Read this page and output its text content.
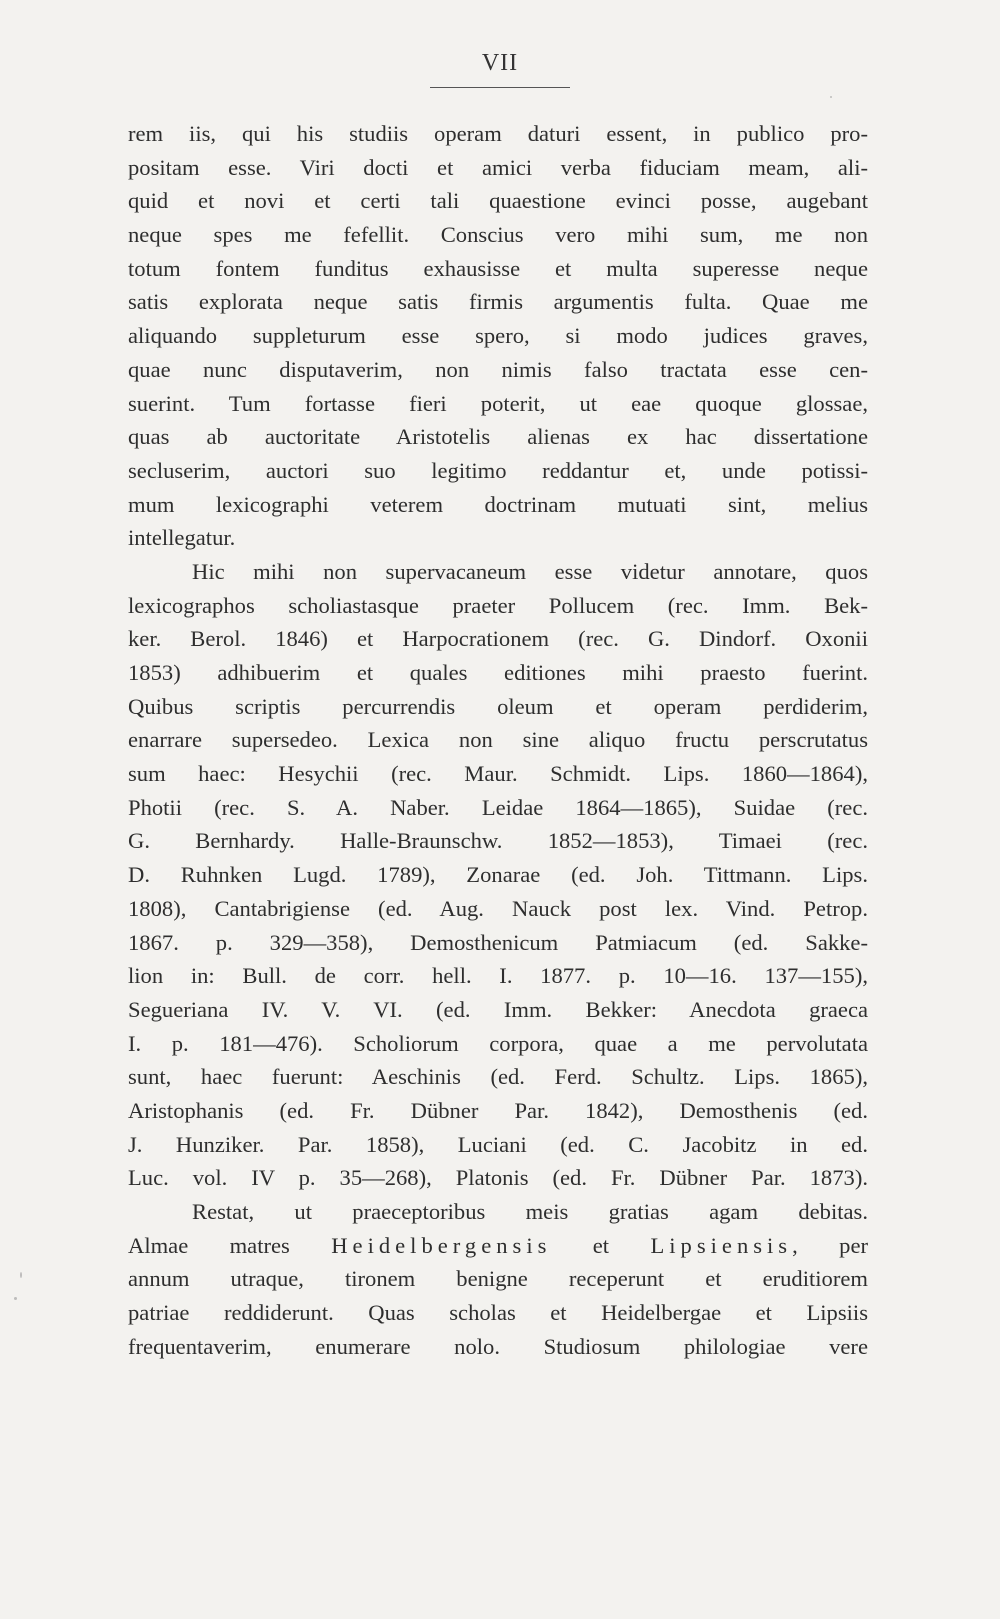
VII
rem iis, qui his studiis operam daturi essent, in publico pro-
positam esse. Viri docti et amici verba fiduciam meam, ali-
quid et novi et certi tali quaestione evinci posse, augebant
neque spes me fefellit. Conscius vero mihi sum, me non
totum fontem funditus exhausisse et multa superesse neque
satis explorata neque satis firmis argumentis fulta. Quae me
aliquando suppleturum esse spero, si modo judices graves,
quae nunc disputaverim, non nimis falso tractata esse cen-
suerint. Tum fortasse fieri poterit, ut eae quoque glossae,
quas ab auctoritate Aristotelis alienas ex hac dissertatione
secluserim, auctori suo legitimo reddantur et, unde potissi-
mum lexicographi veterem doctrinam mutuati sint, melius
intellegatur.
Hic mihi non supervacaneum esse videtur annotare, quos
lexicographos scholiastasque praeter Pollucem (rec. Imm. Bek-
ker. Berol. 1846) et Harpocrationem (rec. G. Dindorf. Oxonii
1853) adhibuerim et quales editiones mihi praesto fuerint.
Quibus scriptis percurrendis oleum et operam perdiderim,
enarrare supersedeo. Lexica non sine aliquo fructu perscrutatus
sum haec: Hesychii (rec. Maur. Schmidt. Lips. 1860—1864),
Photii (rec. S. A. Naber. Leidae 1864—1865), Suidae (rec.
G. Bernhardy. Halle-Braunschw. 1852—1853), Timaei (rec.
D. Ruhnken Lugd. 1789), Zonarae (ed. Joh. Tittmann. Lips.
1808), Cantabrigiense (ed. Aug. Nauck post lex. Vind. Petrop.
1867. p. 329—358), Demosthenicum Patmiacum (ed. Sakke-
lion in: Bull. de corr. hell. I. 1877. p. 10—16. 137—155),
Segueriana IV. V. VI. (ed. Imm. Bekker: Anecdota graeca
I. p. 181—476). Scholiorum corpora, quae a me pervolutata
sunt, haec fuerunt: Aeschinis (ed. Ferd. Schultz. Lips. 1865),
Aristophanis (ed. Fr. Dübner Par. 1842), Demosthenis (ed.
J. Hunziker. Par. 1858), Luciani (ed. C. Jacobitz in ed.
Luc. vol. IV p. 35—268), Platonis (ed. Fr. Dübner Par. 1873).
Restat, ut praeceptoribus meis gratias agam debitas.
Almae matres Heidelbergensis et Lipsiensis, per
annum utraque, tironem benigne receperunt et eruditiorem
patriae reddiderunt. Quas scholas et Heidelbergae et Lipsiis
frequentaverim, enumerare nolo. Studiosum philologiae vere
